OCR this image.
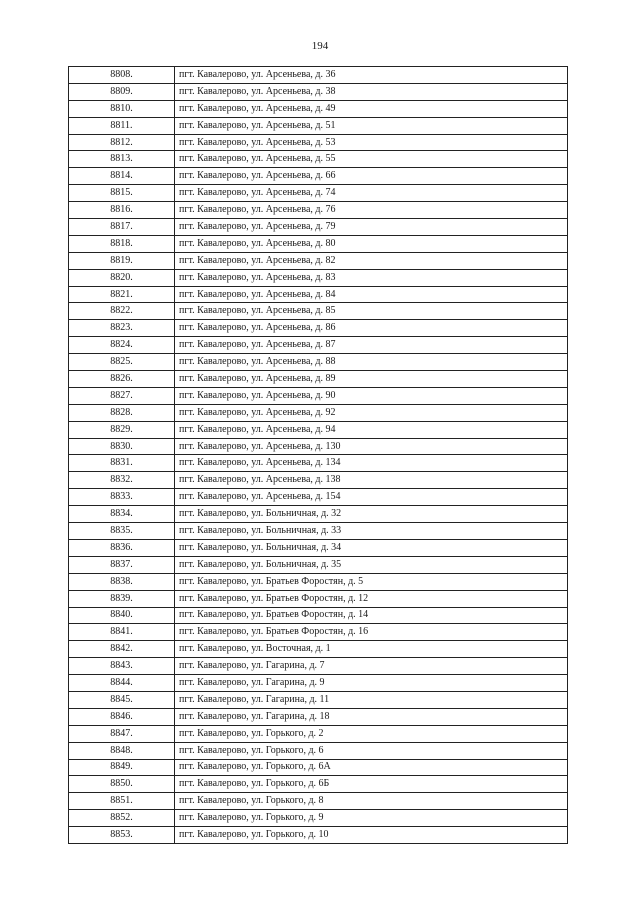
194
8808.	пгт. Кавалерово, ул. Арсеньева, д. 36
8809.	пгт. Кавалерово, ул. Арсеньева, д. 38
8810.	пгт. Кавалерово, ул. Арсеньева, д. 49
8811.	пгт. Кавалерово, ул. Арсеньева, д. 51
8812.	пгт. Кавалерово, ул. Арсеньева, д. 53
8813.	пгт. Кавалерово, ул. Арсеньева, д. 55
8814.	пгт. Кавалерово, ул. Арсеньева, д. 66
8815.	пгт. Кавалерово, ул. Арсеньева, д. 74
8816.	пгт. Кавалерово, ул. Арсеньева, д. 76
8817.	пгт. Кавалерово, ул. Арсеньева, д. 79
8818.	пгт. Кавалерово, ул. Арсеньева, д. 80
8819.	пгт. Кавалерово, ул. Арсеньева, д. 82
8820.	пгт. Кавалерово, ул. Арсеньева, д. 83
8821.	пгт. Кавалерово, ул. Арсеньева, д. 84
8822.	пгт. Кавалерово, ул. Арсеньева, д. 85
8823.	пгт. Кавалерово, ул. Арсеньева, д. 86
8824.	пгт. Кавалерово, ул. Арсеньева, д. 87
8825.	пгт. Кавалерово, ул. Арсеньева, д. 88
8826.	пгт. Кавалерово, ул. Арсеньева, д. 89
8827.	пгт. Кавалерово, ул. Арсеньева, д. 90
8828.	пгт. Кавалерово, ул. Арсеньева, д. 92
8829.	пгт. Кавалерово, ул. Арсеньева, д. 94
8830.	пгт. Кавалерово, ул. Арсеньева, д. 130
8831.	пгт. Кавалерово, ул. Арсеньева, д. 134
8832.	пгт. Кавалерово, ул. Арсеньева, д. 138
8833.	пгт. Кавалерово, ул. Арсеньева, д. 154
8834.	пгт. Кавалерово, ул. Больничная, д. 32
8835.	пгт. Кавалерово, ул. Больничная, д. 33
8836.	пгт. Кавалерово, ул. Больничная, д. 34
8837.	пгт. Кавалерово, ул. Больничная, д. 35
8838.	пгт. Кавалерово, ул. Братьев Форостян, д. 5
8839.	пгт. Кавалерово, ул. Братьев Форостян, д. 12
8840.	пгт. Кавалерово, ул. Братьев Форостян, д. 14
8841.	пгт. Кавалерово, ул. Братьев Форостян, д. 16
8842.	пгт. Кавалерово, ул. Восточная, д. 1
8843.	пгт. Кавалерово, ул. Гагарина, д. 7
8844.	пгт. Кавалерово, ул. Гагарина, д. 9
8845.	пгт. Кавалерово, ул. Гагарина, д. 11
8846.	пгт. Кавалерово, ул. Гагарина, д. 18
8847.	пгт. Кавалерово, ул. Горького, д. 2
8848.	пгт. Кавалерово, ул. Горького, д. 6
8849.	пгт. Кавалерово, ул. Горького, д. 6А
8850.	пгт. Кавалерово, ул. Горького, д. 6Б
8851.	пгт. Кавалерово, ул. Горького, д. 8
8852.	пгт. Кавалерово, ул. Горького, д. 9
8853.	пгт. Кавалерово, ул. Горького, д. 10
